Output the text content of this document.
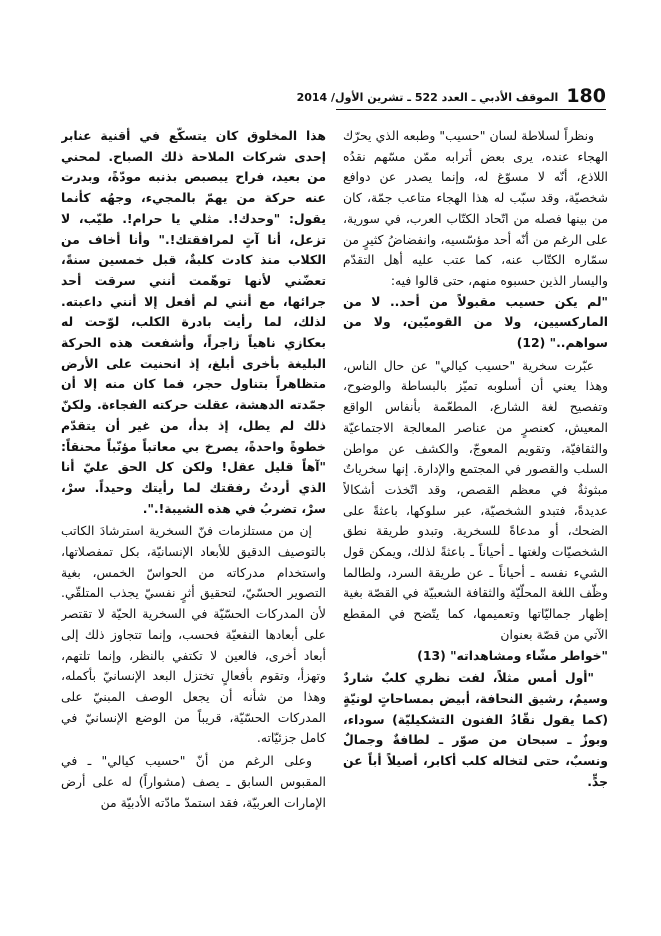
180
الموقف الأدبي ـ العدد 522 ـ تشرين الأول/ 2014

ونظراً لسلاطة لسان "حسيب" وطبعه الذي يحرّك الهجاء عنده، يرى بعض أترابه ممّن مسّهم نقدُه اللاذع، أنّه لا مسوّغ له، وإنما يصدر عن دوافع شخصيّة، وقد سبّب له هذا الهجاء متاعب جمّة، كان من بينها فصله من اتّحاد الكتّاب العرب، في سورية، على الرغم من أنّه أحد مؤسّسيه، وانفضاضُ كثيرٍ من سمّاره الكتّاب عنه، كما عتب عليه أهل التقدّم واليسار الذين حسبوه منهم، حتى قالوا فيه:

"لم يكن حسيب مقبولاً من أحد.. لا من الماركسيين، ولا من القوميّين، ولا من سواهم.." (12)

عبّرت سخرية "حسيب كيالي" عن حال الناس، وهذا يعني أن أسلوبه تميّز بالبساطة والوضوح، وتفصيح لغة الشارع، المطعّمة بأنفاس الواقع المعيش، كعنصرٍ من عناصر المعالجة الاجتماعيّة والثقافيّة، وتقويم المعوجّ، والكشف عن مواطن السلب والقصور في المجتمع والإدارة. إنها سخرياتٌ مبثوثةٌ في معظم القصص، وقد اتّخذت أشكالاً عديدةً، فتبدو الشخصيّة، عبر سلوكها، باعثةً على الضحك، أو مدعاةً للسخرية. وتبدو طريقة نطق الشخصيّات ولغتها ـ أحياناً ـ باعثةً لذلك، ويمكن قول الشيء نفسه ـ أحياناً ـ عن طريقة السرد، ولطالما وظّف اللغة المحلّيّة والثقافة الشعبيّة في القصّة بغية إظهار جماليّاتها وتعميمها، كما يتّضح في المقطع الآتي من قصّة بعنوان

"خواطر مشّاء ومشاهداته" (13)

"أول أمس مثلاً، لفت نظري كلبٌ شاردٌ وسيمٌ، رشيق النحافة، أبيض بمساحاتٍ لونيّةٍ (كما يقول نقّادُ الفنون التشكيليّة) سوداء، وبوزٌ ـ سبحان من صوّر ـ لطافةٌ وجمالٌ ونسبٌ، حتى لتخاله كلب أكابر، أصيلاً أباً عن جدٍّ.

هذا المخلوق كان يتسكّع في أقنية عنابر إحدى شركات الملاحة ذلك الصباح. لمحني من بعيد، فراح يبصبص بذنبه مودّةً، وبدرت عنه حركة من يهمّ بالمجيء، وجهُه كأنما يقول: "وحدك!. مثلي يا حرام!. طيّب، لا تزعل، أنا آتٍ لمرافقتك!." وأنا أخاف من الكلاب منذ كادت كلبةٌ، قبل خمسين سنةً، تعضّني لأنها توهّمت أنني سرقت أحد جرائها، مع أنني لم أفعل إلا أنني داعبته. لذلك، لما رأيت بادرة الكلب، لوّحت له بعكازي ناهياً زاجراً، وأشفعت هذه الحركة البليغة بأخرى أبلغ، إذ انحنيت على الأرض متظاهراً بتناول حجر، فما كان منه إلا أن جمّدته الدهشة، عقلت حركته الفجاءة. ولكنّ ذلك لم يطل، إذ بدأ، من غير أن يتقدّم خطوةً واحدةً، يصرخ بي معاتباً مؤنّباً محنقاً: "آهاً قليل عقل! ولكن كل الحق عليّ أنا الذي أردتُ رفقتك لما رأيتك وحيداً. سرْ، سرْ، تضربُ في هذه الشيبة!.".

إن من مستلزمات فنّ السخرية استرشادَ الكاتب بالتوصيف الدقيق للأبعاد الإنسانيّة، بكل تمفصلاتها، واستخدام مدركاته من الحواسّ الخمس، بغية التصوير الحسّيّ، لتحقيق أثرٍ نفسيّ يجذب المتلقّي. لأن المدركات الحسّيّة في السخرية الحيّة لا تقتصر على أبعادها النفعيّة فحسب، وإنما تتجاوز ذلك إلى أبعاد أخرى، فالعين لا تكتفي بالنظر، وإنما تلتهم، وتهزأ، وتقوم بأفعالٍ تختزل البعد الإنسانيّ بأكمله، وهذا من شأنه أن يجعل الوصف المبنيّ على المدركات الحسّيّة، قريباً من الوضع الإنسانيّ في كامل جزئيّاته.

وعلى الرغم من أنّ "حسيب كيالي" ـ في المقبوس السابق ـ يصف (مشواراً) له على أرض الإمارات العربيّة، فقد استمدّ مادّته الأدبيّة من
